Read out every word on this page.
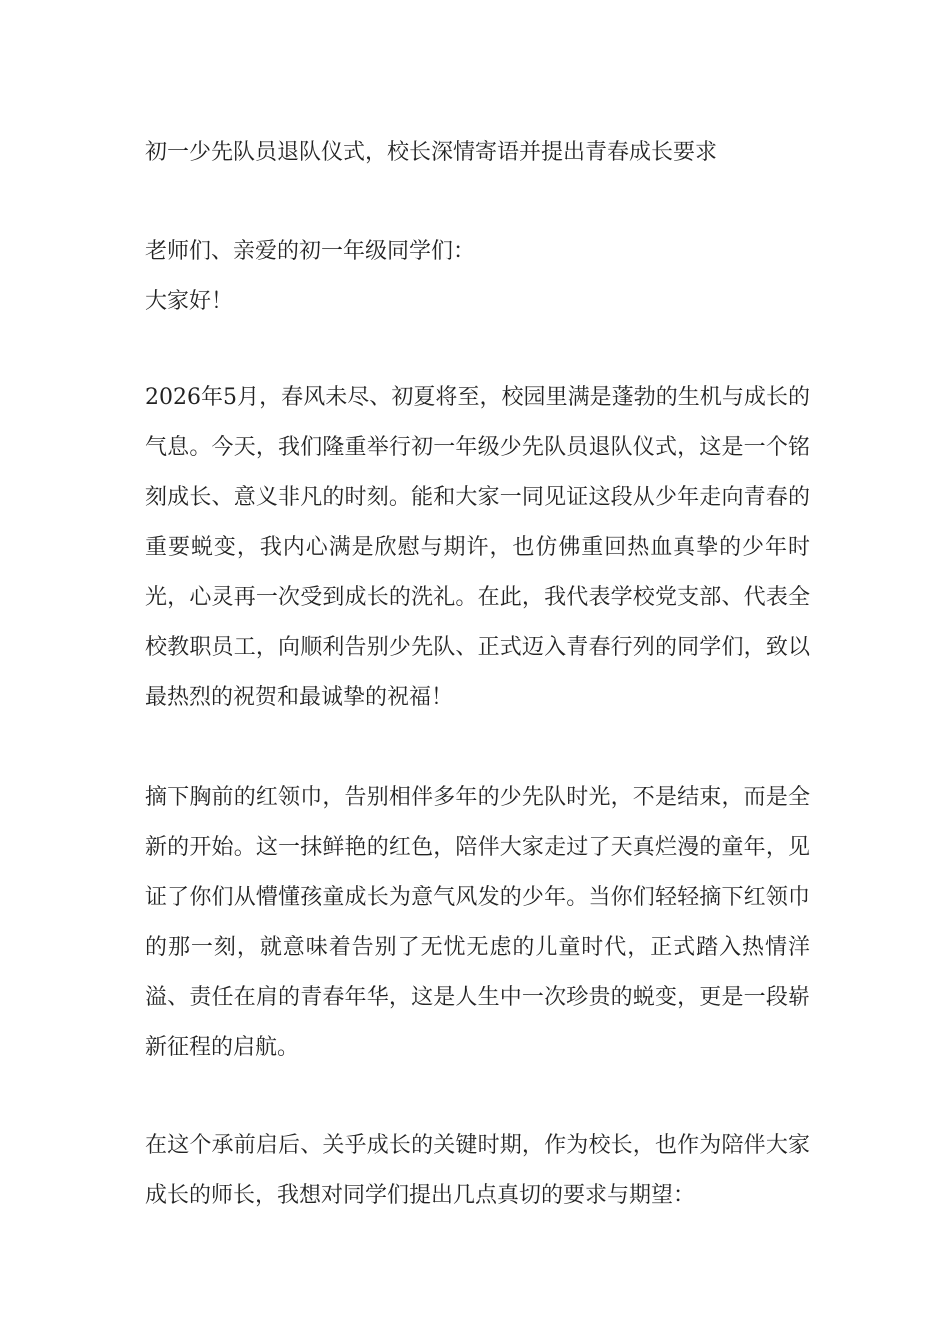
初一少先队员退队仪式，校长深情寄语并提出青春成长要求
老师们、亲爱的初一年级同学们：
大家好！
2026年5月，春风未尽、初夏将至，校园里满是蓬勃的生机与成长的气息。今天，我们隆重举行初一年级少先队员退队仪式，这是一个铭刻成长、意义非凡的时刻。能和大家一同见证这段从少年走向青春的重要蜕变，我内心满是欣慰与期许，也仿佛重回热血真挚的少年时光，心灵再一次受到成长的洗礼。在此，我代表学校党支部、代表全校教职员工，向顺利告别少先队、正式迈入青春行列的同学们，致以最热烈的祝贺和最诚挚的祝福！
摘下胸前的红领巾，告别相伴多年的少先队时光，不是结束，而是全新的开始。这一抹鲜艳的红色，陪伴大家走过了天真烂漫的童年，见证了你们从懵懂孩童成长为意气风发的少年。当你们轻轻摘下红领巾的那一刻，就意味着告别了无忧无虑的儿童时代，正式踏入热情洋溢、责任在肩的青春年华，这是人生中一次珍贵的蜕变，更是一段崭新征程的启航。
在这个承前启后、关乎成长的关键时期，作为校长，也作为陪伴大家成长的师长，我想对同学们提出几点真切的要求与期望：
